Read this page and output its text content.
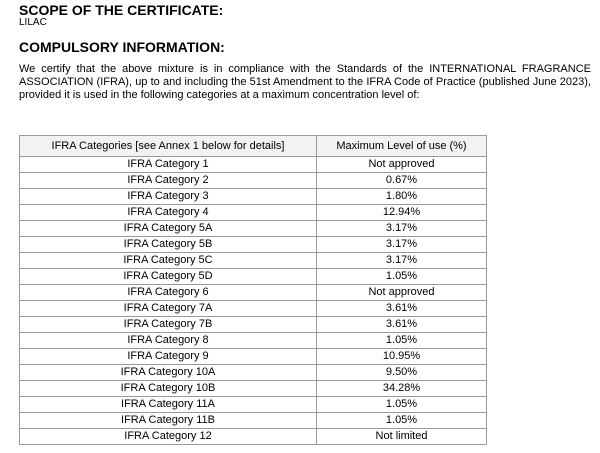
SCOPE OF THE CERTIFICATE:
LILAC
COMPULSORY INFORMATION:
We certify that the above mixture is in compliance with the Standards of the INTERNATIONAL FRAGRANCE ASSOCIATION (IFRA), up to and including the 51st Amendment to the IFRA Code of Practice (published June 2023), provided it is used in the following categories at a maximum concentration level of:
IFRA Categories [see Annex 1 below for details]	Maximum Level of use (%)
IFRA Category 1	Not approved
IFRA Category 2	0.67%
IFRA Category 3	1.80%
IFRA Category 4	12.94%
IFRA Category 5A	3.17%
IFRA Category 5B	3.17%
IFRA Category 5C	3.17%
IFRA Category 5D	1.05%
IFRA Category 6	Not approved
IFRA Category 7A	3.61%
IFRA Category 7B	3.61%
IFRA Category 8	1.05%
IFRA Category 9	10.95%
IFRA Category 10A	9.50%
IFRA Category 10B	34.28%
IFRA Category 11A	1.05%
IFRA Category 11B	1.05%
IFRA Category 12	Not limited
